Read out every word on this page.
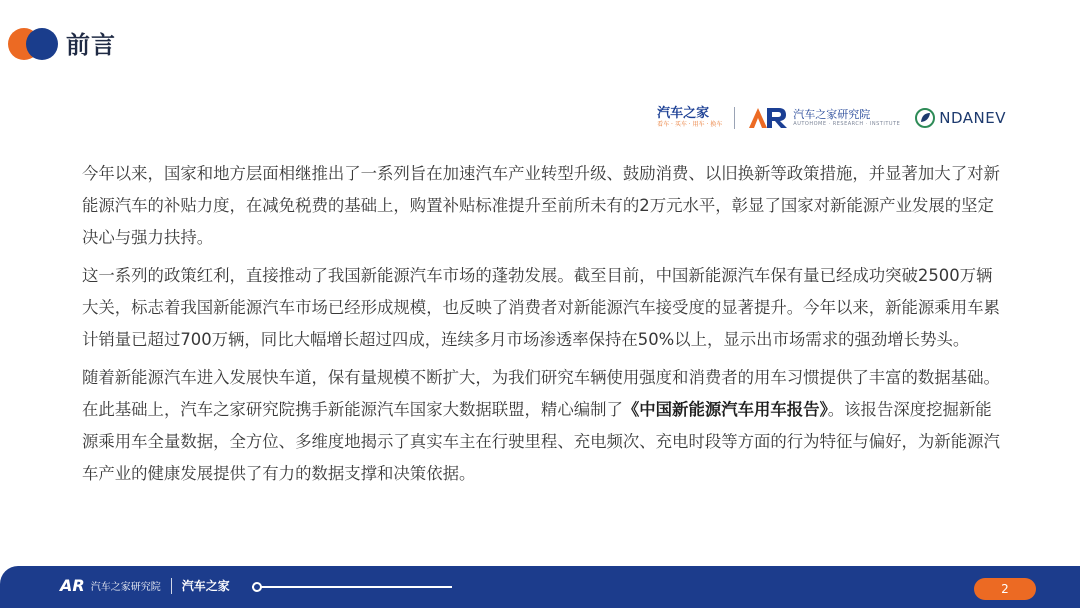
前言
汽车之家
看车 · 买车 · 用车 · 换车
汽车之家研究院
AUTOHOME · RESEARCH · INSTITUTE	NDANEV

今年以来，国家和地方层面相继推出了一系列旨在加速汽车产业转型升级、鼓励消费、以旧换新等政策措施，并显著加大了对新能源汽车的补贴力度，在减免税费的基础上，购置补贴标准提升至前所未有的2万元水平，彰显了国家对新能源产业发展的坚定决心与强力扶持。

这一系列的政策红利，直接推动了我国新能源汽车市场的蓬勃发展。截至目前，中国新能源汽车保有量已经成功突破2500万辆大关，标志着我国新能源汽车市场已经形成规模，也反映了消费者对新能源汽车接受度的显著提升。今年以来，新能源乘用车累计销量已超过700万辆，同比大幅增长超过四成，连续多月市场渗透率保持在50%以上，显示出市场需求的强劲增长势头。

随着新能源汽车进入发展快车道，保有量规模不断扩大，为我们研究车辆使用强度和消费者的用车习惯提供了丰富的数据基础。在此基础上，汽车之家研究院携手新能源汽车国家大数据联盟，精心编制了《中国新能源汽车用车报告》。该报告深度挖掘新能源乘用车全量数据，全方位、多维度地揭示了真实车主在行驶里程、充电频次、充电时段等方面的行为特征与偏好，为新能源汽车产业的健康发展提供了有力的数据支撑和决策依据。

AR 汽车之家研究院 汽车之家	2
